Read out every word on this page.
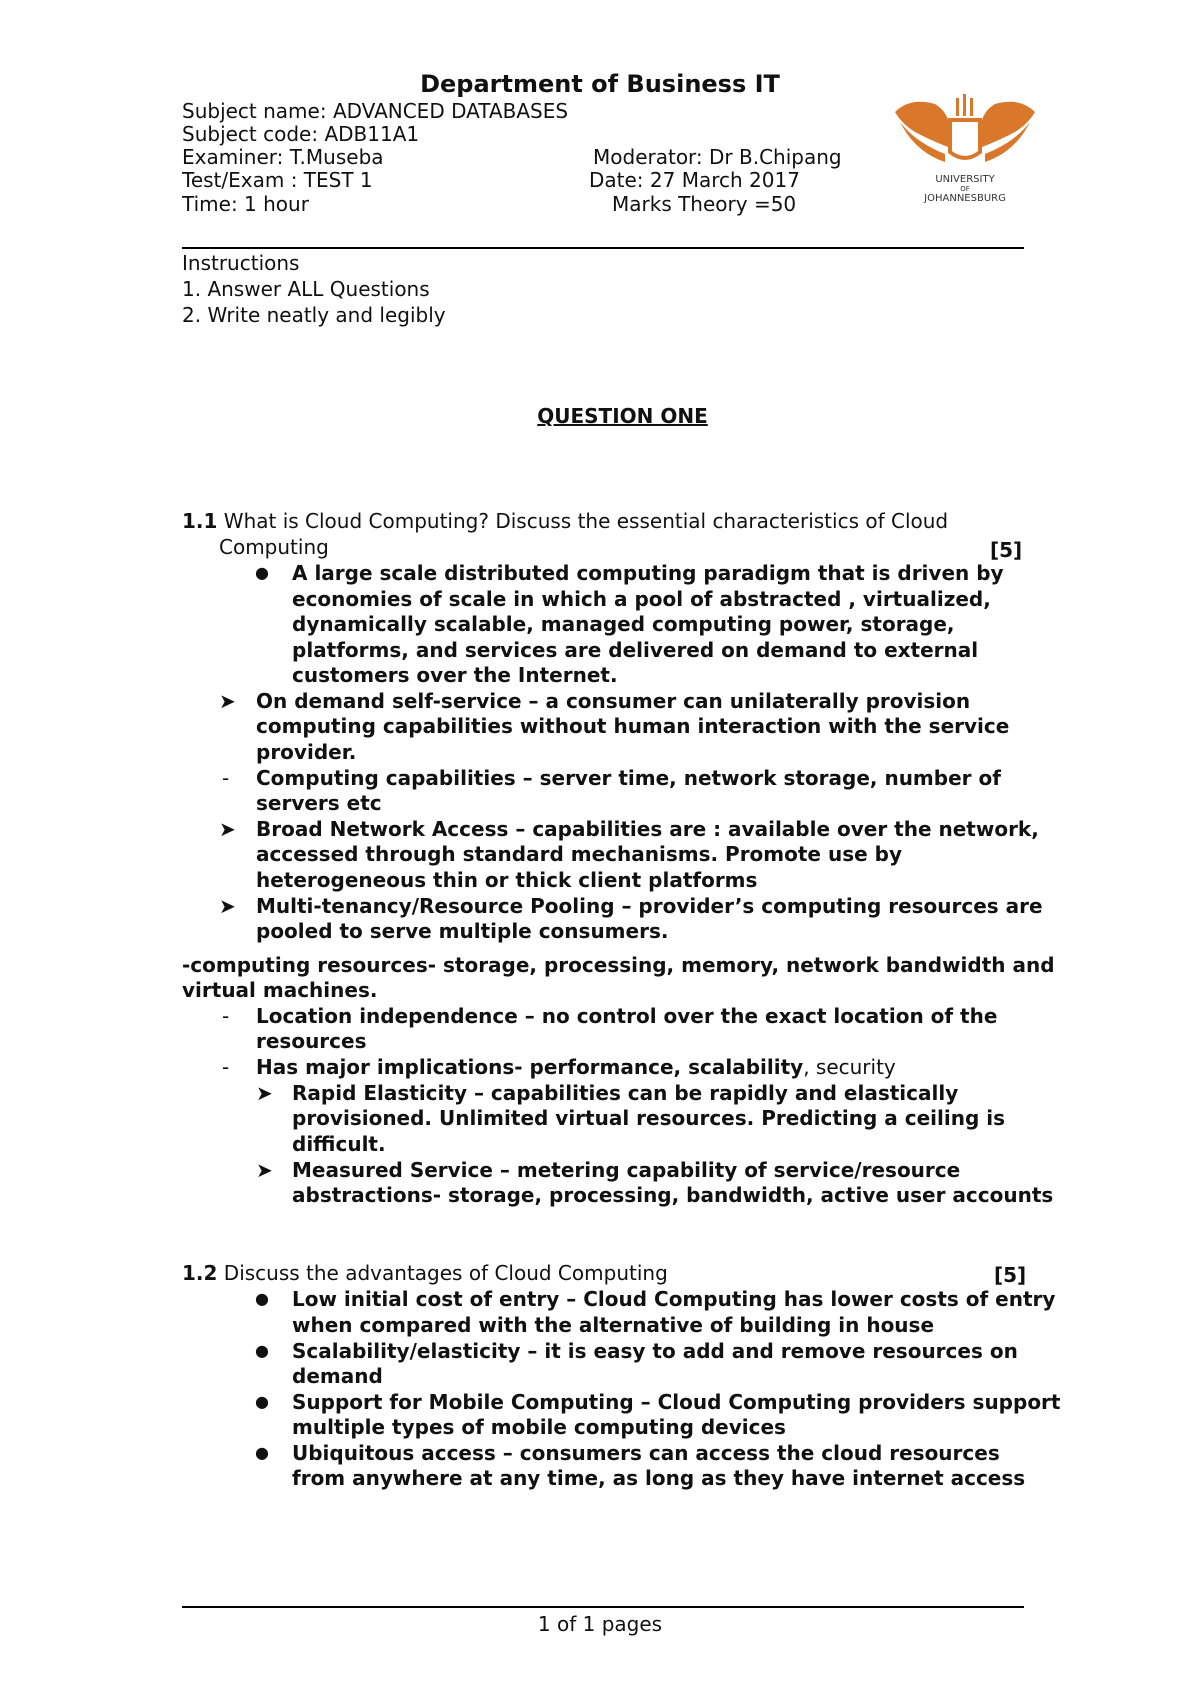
Department of Business IT
Subject name: ADVANCED DATABASES
Subject code: ADB11A1
Examiner: T.Museba	Moderator: Dr B.Chipang
Test/Exam : TEST 1	Date: 27 March 2017
Time: 1 hour	Marks Theory =50
UNIVERSITY
OF
JOHANNESBURG
Instructions
1. Answer ALL Questions
2. Write neatly and legibly
QUESTION ONE
1.1 What is Cloud Computing? Discuss the essential characteristics of Cloud
Computing	[5]
● A large scale distributed computing paradigm that is driven by
economies of scale in which a pool of abstracted , virtualized,
dynamically scalable, managed computing power, storage,
platforms, and services are delivered on demand to external
customers over the Internet.
➤ On demand self-service – a consumer can unilaterally provision
computing capabilities without human interaction with the service
provider.
- Computing capabilities – server time, network storage, number of
servers etc
➤ Broad Network Access – capabilities are : available over the network,
accessed through standard mechanisms. Promote use by
heterogeneous thin or thick client platforms
➤ Multi-tenancy/Resource Pooling – provider’s computing resources are
pooled to serve multiple consumers.
-computing resources- storage, processing, memory, network bandwidth and
virtual machines.
- Location independence – no control over the exact location of the
resources
- Has major implications- performance, scalability, security
➤ Rapid Elasticity – capabilities can be rapidly and elastically
provisioned. Unlimited virtual resources. Predicting a ceiling is
difficult.
➤ Measured Service – metering capability of service/resource
abstractions- storage, processing, bandwidth, active user accounts
1.2 Discuss the advantages of Cloud Computing	[5]
● Low initial cost of entry – Cloud Computing has lower costs of entry
when compared with the alternative of building in house
● Scalability/elasticity – it is easy to add and remove resources on
demand
● Support for Mobile Computing – Cloud Computing providers support
multiple types of mobile computing devices
● Ubiquitous access – consumers can access the cloud resources
from anywhere at any time, as long as they have internet access
1 of 1 pages
